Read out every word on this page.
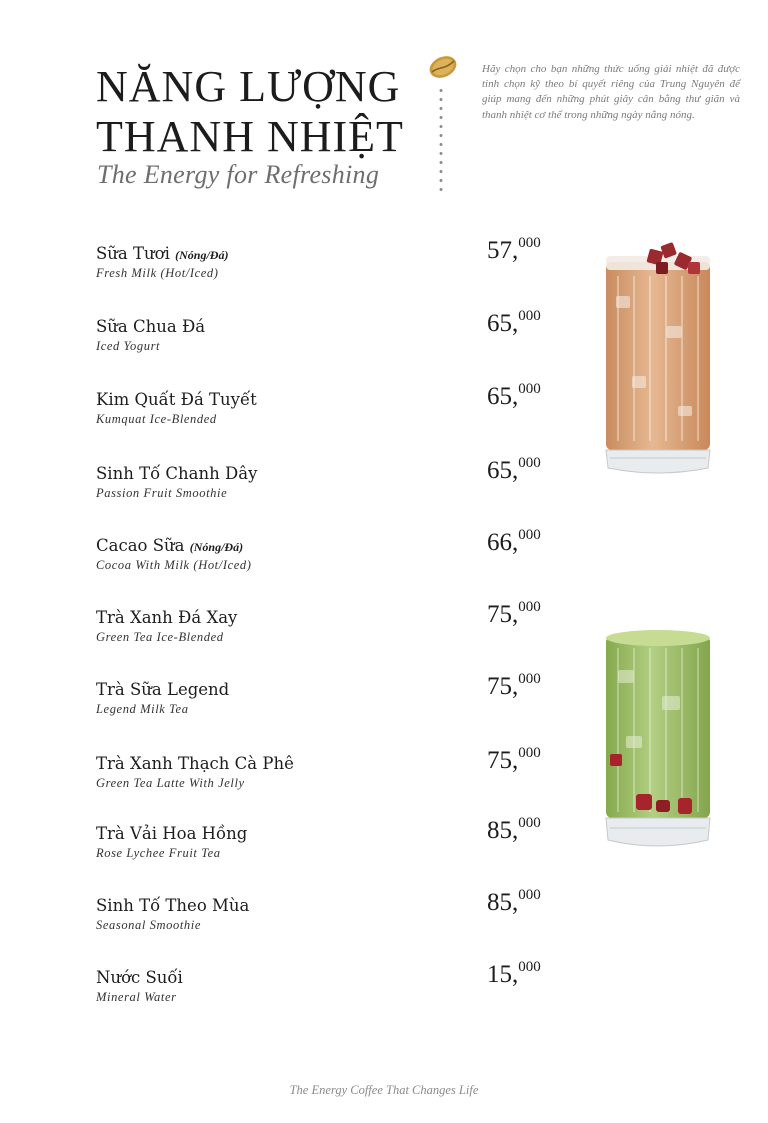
NĂNG LƯỢNG
THANH NHIỆT
The Energy for Refreshing

Hãy chọn cho bạn những thức uống giải nhiệt đã được tinh chọn kỹ theo bí quyết riêng của Trung Nguyên để giúp mang đến những phút giây cân bằng thư giãn và thanh nhiệt cơ thể trong những ngày nắng nóng.

Sữa Tươi (Nóng/Đá)
Fresh Milk (Hot/Iced)
57,$^{000}$
Sữa Chua Đá
Iced Yogurt
65,$^{000}$
Kim Quất Đá Tuyết
Kumquat Ice-Blended
65,$^{000}$
Sinh Tố Chanh Dây
Passion Fruit Smoothie
65,$^{000}$
Cacao Sữa (Nóng/Đá)
Cocoa With Milk (Hot/Iced)
66,$^{000}$
Trà Xanh Đá Xay
Green Tea Ice-Blended
75,$^{000}$
Trà Sữa Legend
Legend Milk Tea
75,$^{000}$
Trà Xanh Thạch Cà Phê
Green Tea Latte With Jelly
75,$^{000}$
Trà Vải Hoa Hồng
Rose Lychee Fruit Tea
85,$^{000}$
Sinh Tố Theo Mùa
Seasonal Smoothie
85,$^{000}$
Nước Suối
Mineral Water
15,$^{000}$
The Energy Coffee That Changes Life
